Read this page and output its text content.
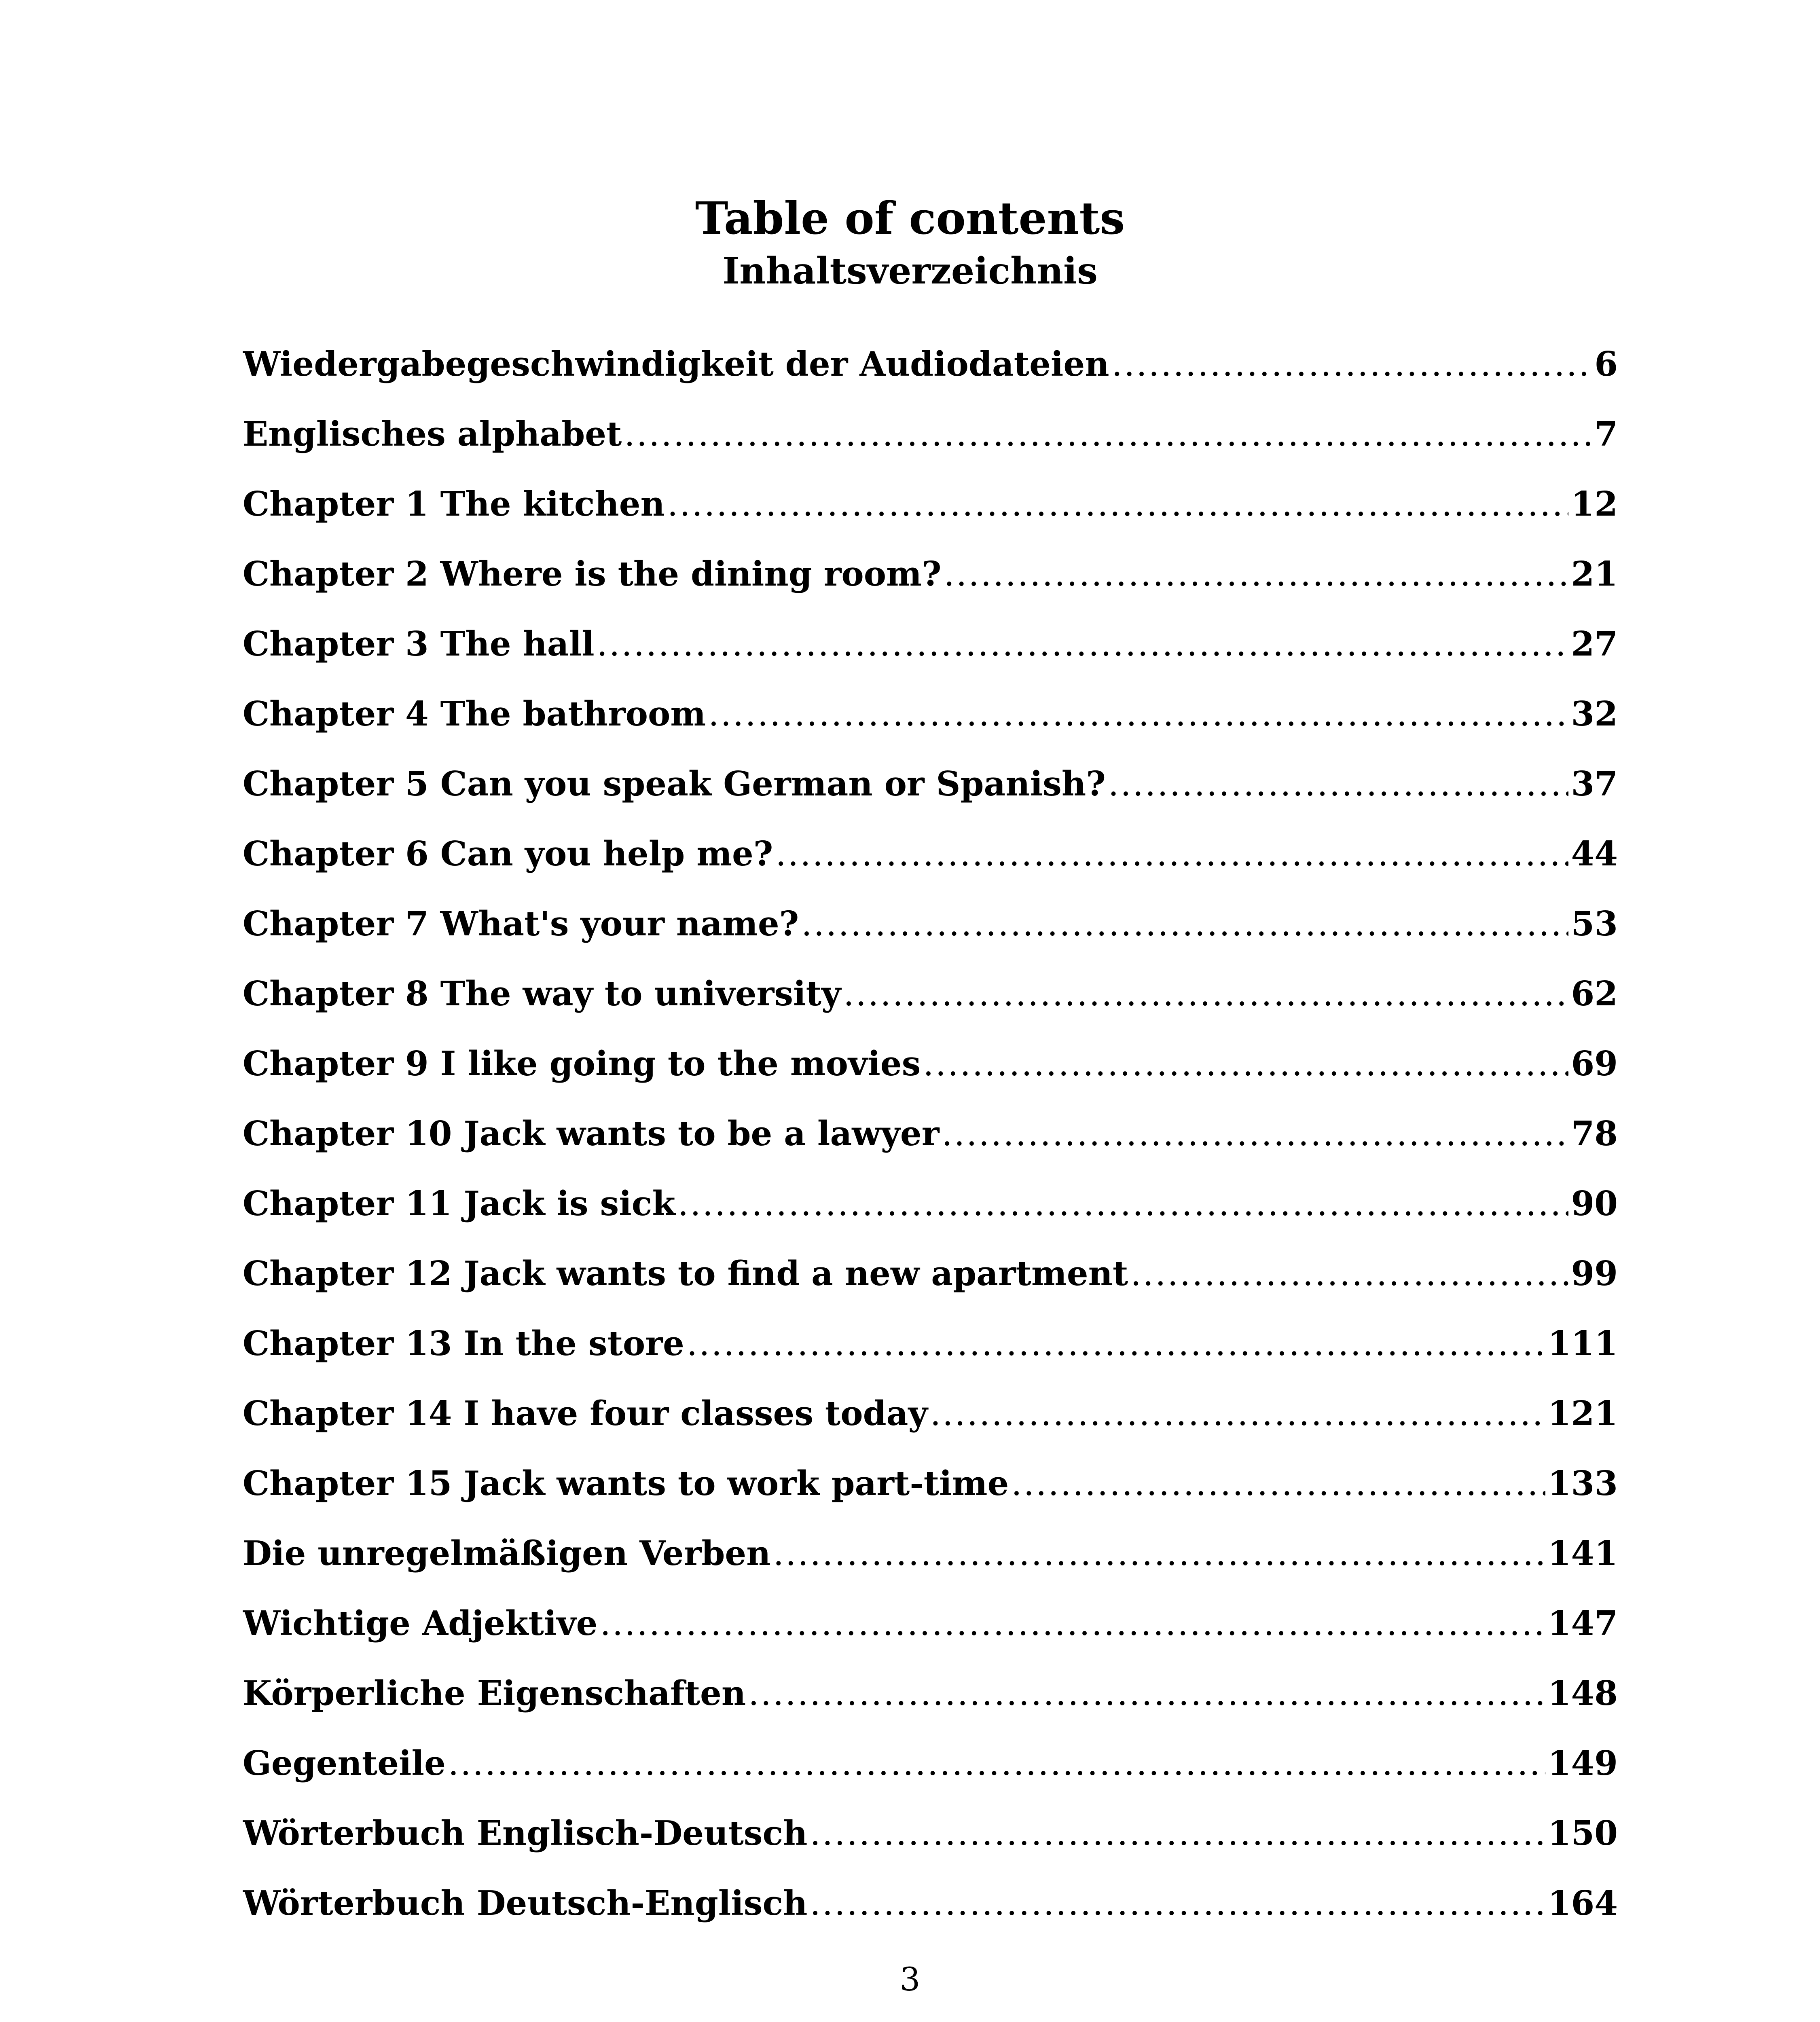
Table of contents
Inhaltsverzeichnis
Wiedergabegeschwindigkeit der Audiodateien .....	6
Englisches alphabet .....	7
Chapter 1 The kitchen .....	12
Chapter 2 Where is the dining room? .....	21
Chapter 3 The hall .....	27
Chapter 4 The bathroom .....	32
Chapter 5 Can you speak German or Spanish? .....	37
Chapter 6 Can you help me? .....	44
Chapter 7 What's your name? .....	53
Chapter 8 The way to university .....	62
Chapter 9 I like going to the movies .....	69
Chapter 10 Jack wants to be a lawyer .....	78
Chapter 11 Jack is sick .....	90
Chapter 12 Jack wants to find a new apartment .....	99
Chapter 13 In the store .....	111
Chapter 14 I have four classes today .....	121
Chapter 15 Jack wants to work part-time .....	133
Die unregelmäßigen Verben .....	141
Wichtige Adjektive .....	147
Körperliche Eigenschaften .....	148
Gegenteile .....	149
Wörterbuch Englisch-Deutsch .....	150
Wörterbuch Deutsch-Englisch .....	164
3
